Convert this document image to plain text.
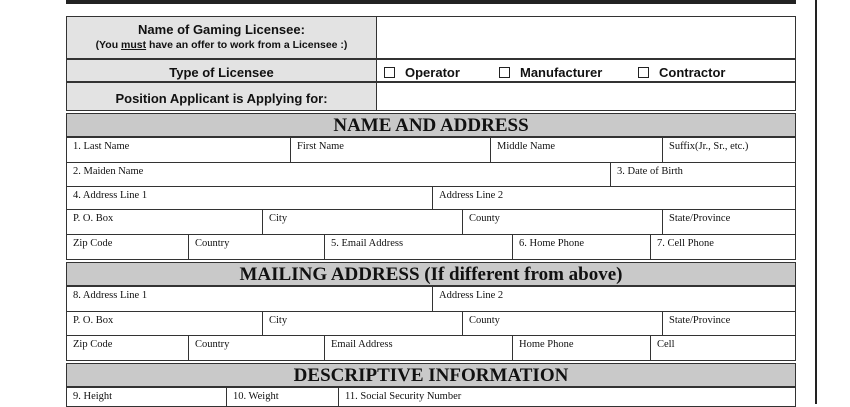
Name of Gaming Licensee:
(You must have an offer to work from a Licensee :)
Type of Licensee	Operator	Manufacturer	Contractor
Position Applicant is Applying for:
NAME AND ADDRESS
1. Last Name	First Name	Middle Name	Suffix(Jr., Sr., etc.)
2. Maiden Name	3. Date of Birth
4. Address Line 1	Address Line 2
P. O. Box	City	County	State/Province
Zip Code	Country	5. Email Address	6. Home Phone	7. Cell Phone
MAILING ADDRESS (If different from above)
8. Address Line 1	Address Line 2
P. O. Box	City	County	State/Province
Zip Code	Country	Email Address	Home Phone	Cell
DESCRIPTIVE INFORMATION
9. Height	10. Weight	11. Social Security Number
